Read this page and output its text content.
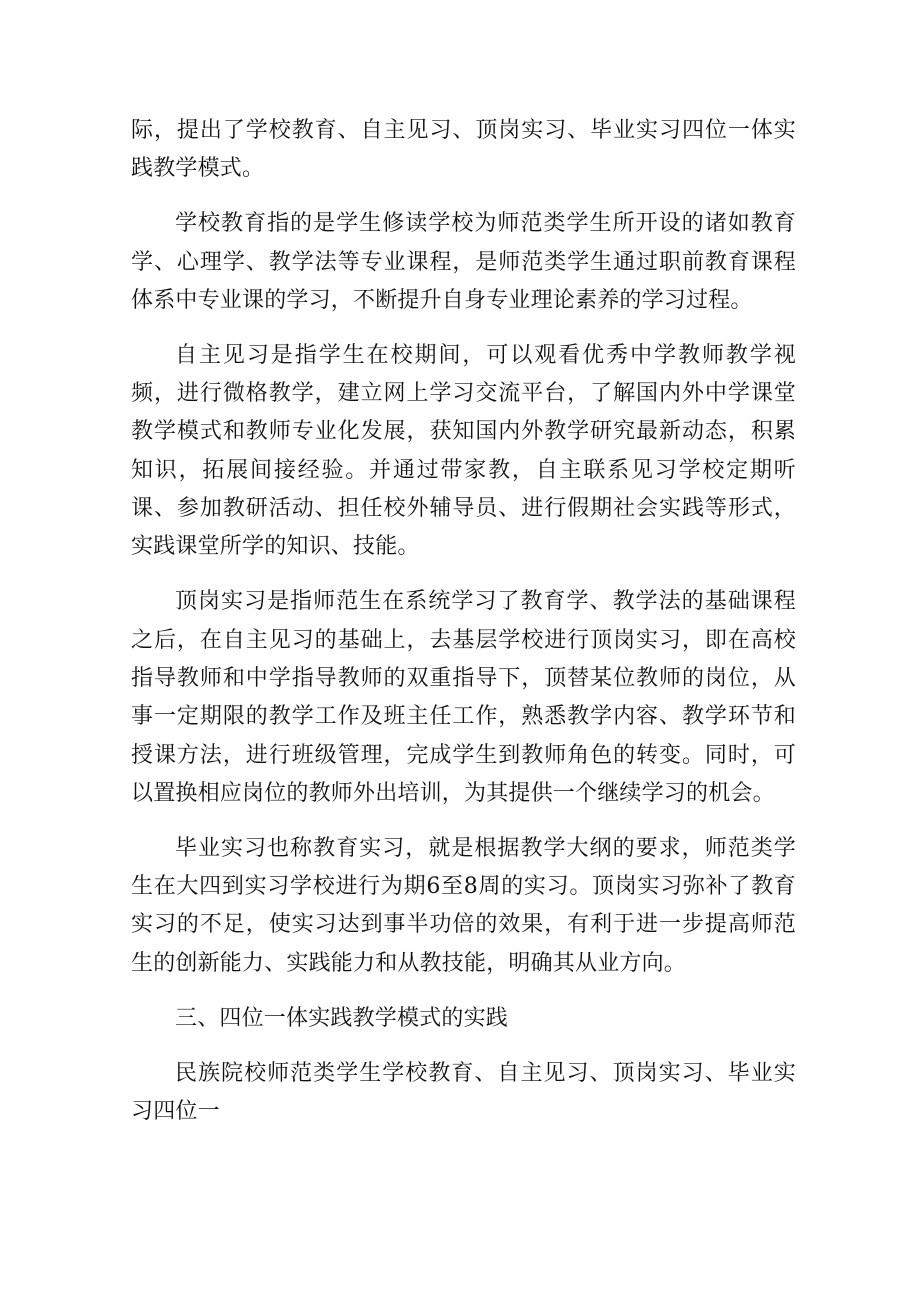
际，提出了学校教育、自主见习、顶岗实习、毕业实习四位一体实践教学模式。

学校教育指的是学生修读学校为师范类学生所开设的诸如教育学、心理学、教学法等专业课程，是师范类学生通过职前教育课程体系中专业课的学习，不断提升自身专业理论素养的学习过程。

自主见习是指学生在校期间，可以观看优秀中学教师教学视频，进行微格教学，建立网上学习交流平台，了解国内外中学课堂教学模式和教师专业化发展，获知国内外教学研究最新动态，积累知识，拓展间接经验。并通过带家教，自主联系见习学校定期听课、参加教研活动、担任校外辅导员、进行假期社会实践等形式，实践课堂所学的知识、技能。

顶岗实习是指师范生在系统学习了教育学、教学法的基础课程之后，在自主见习的基础上，去基层学校进行顶岗实习，即在高校指导教师和中学指导教师的双重指导下，顶替某位教师的岗位，从事一定期限的教学工作及班主任工作，熟悉教学内容、教学环节和授课方法，进行班级管理，完成学生到教师角色的转变。同时，可以置换相应岗位的教师外出培训，为其提供一个继续学习的机会。

毕业实习也称教育实习，就是根据教学大纲的要求，师范类学生在大四到实习学校进行为期6至8周的实习。顶岗实习弥补了教育实习的不足，使实习达到事半功倍的效果，有利于进一步提高师范生的创新能力、实践能力和从教技能，明确其从业方向。

三、四位一体实践教学模式的实践

民族院校师范类学生学校教育、自主见习、顶岗实习、毕业实习四位一
